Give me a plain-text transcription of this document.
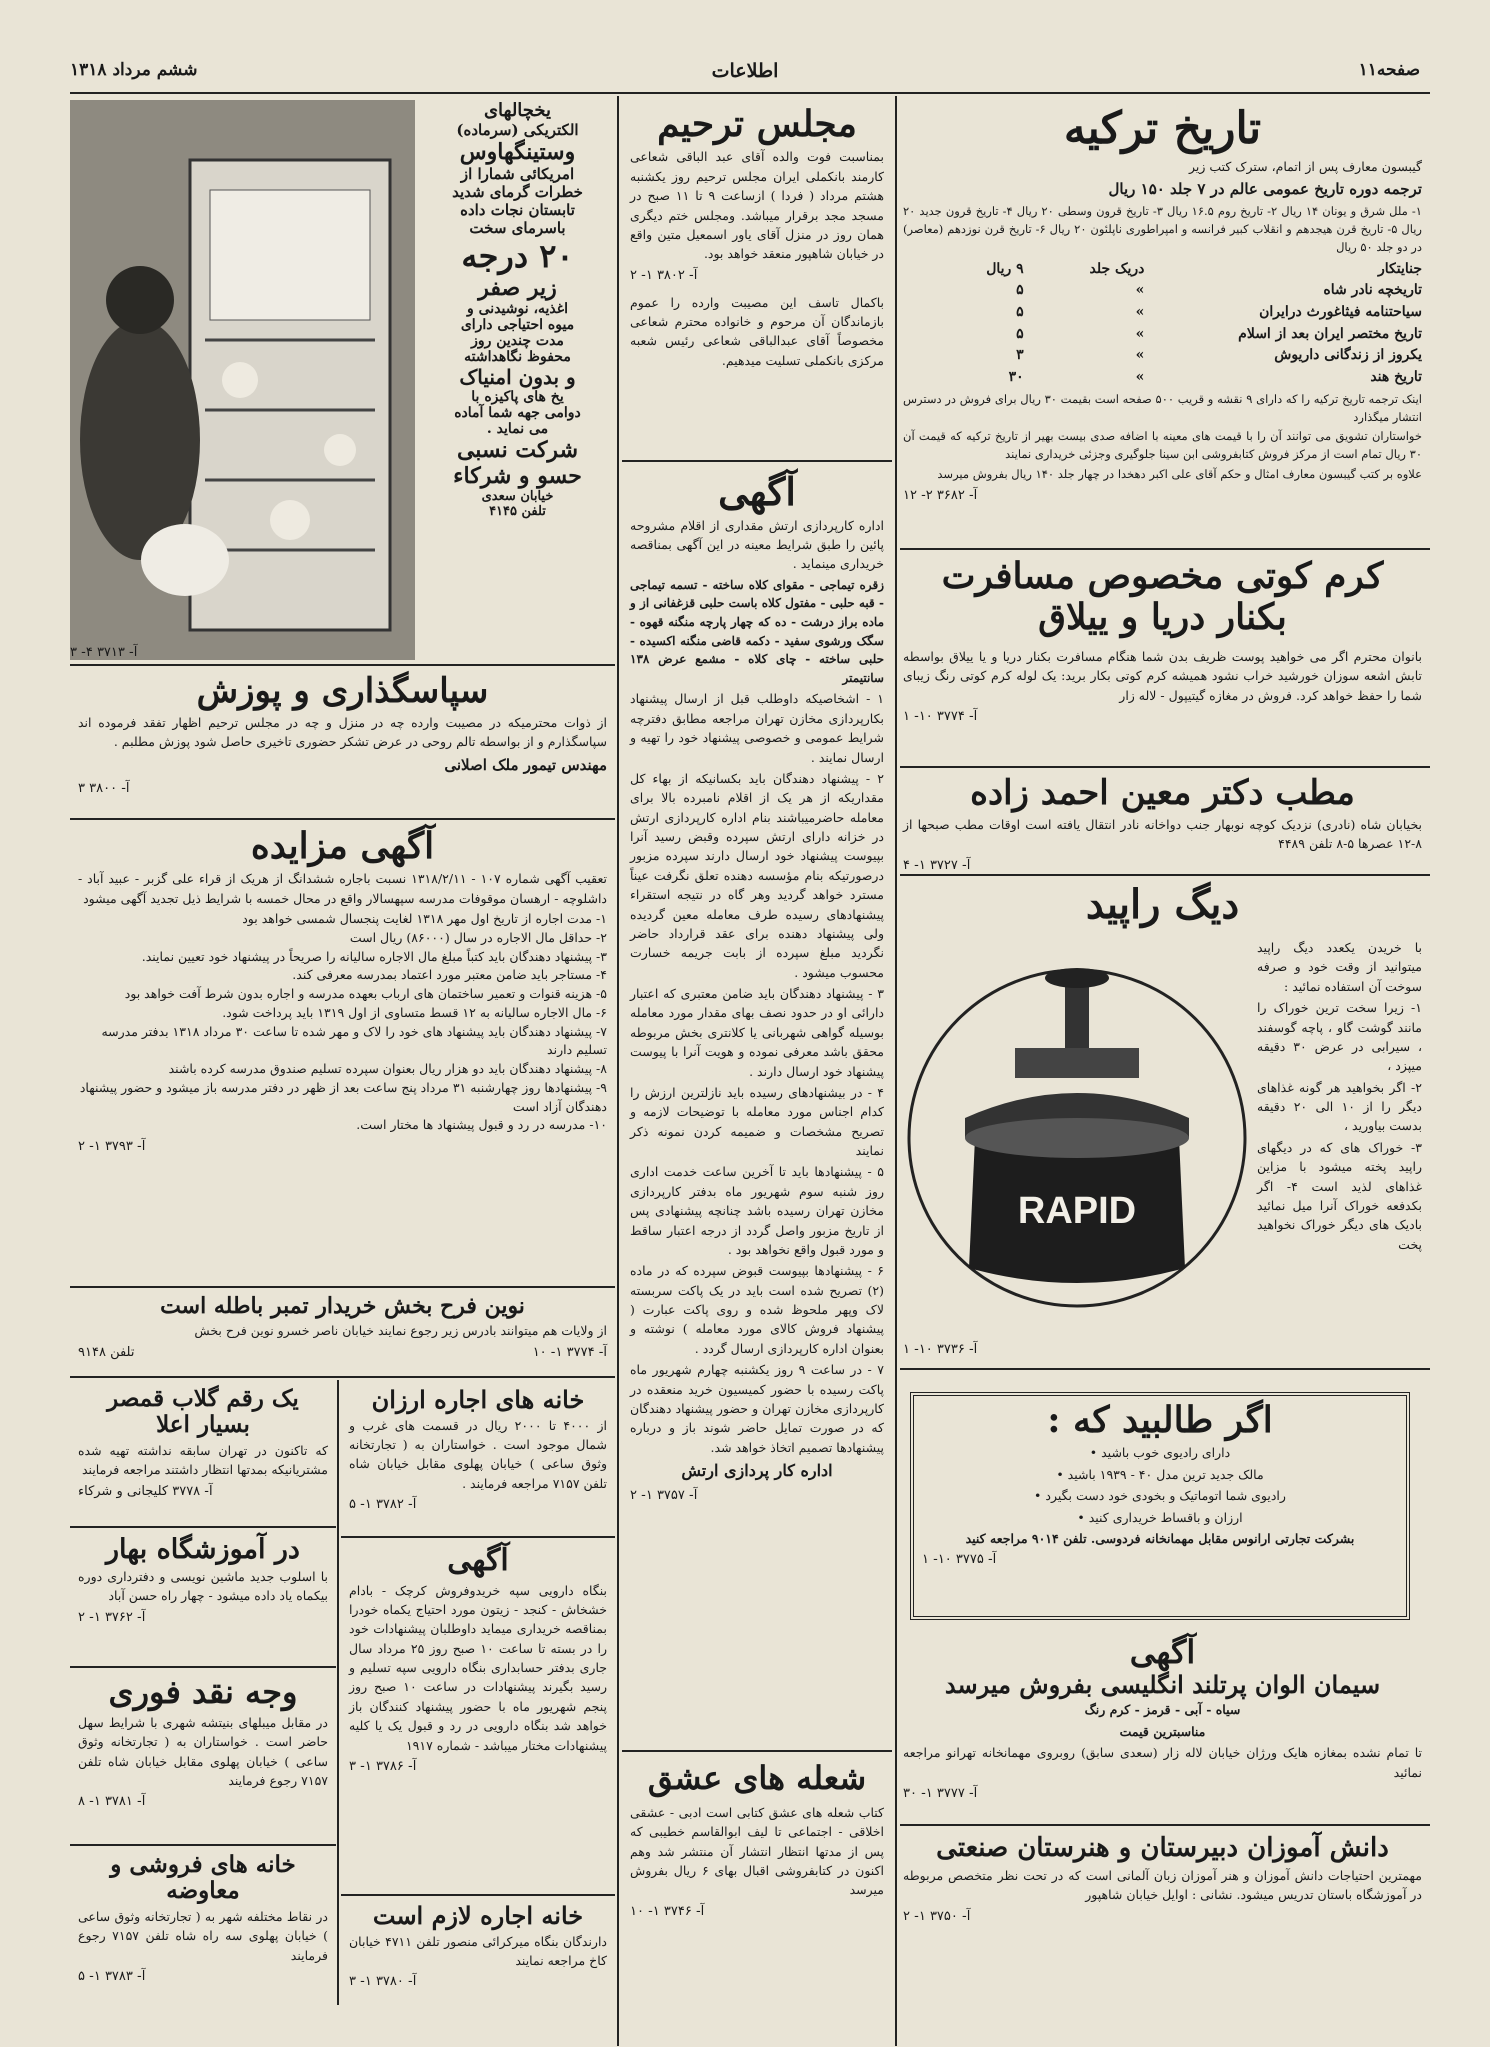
صفحه۱۱
اطلاعات
ششم مرداد ۱۳۱۸
تاریخ ترکیه
گیبسون معارف پس از اتمام، سترک کتب زیر
ترجمه دوره تاریخ عمومی عالم در ۷ جلد ۱۵۰ ریال
۱- ملل شرق و یونان ۱۴ ریال ۲- تاریخ روم ۱۶.۵ ریال ۳- تاریخ قرون وسطی ۲۰ ریال ۴- تاریخ قرون جدید ۲۰ ریال ۵- تاریخ قرن هیجدهم و انقلاب کبیر فرانسه و امپراطوری ناپلئون ۲۰ ریال ۶- تاریخ قرن نوزدهم (معاصر) در دو جلد ۵۰ ریال
جنایتکار
دریک جلد
۹ ریال
تاریخچه نادر شاه
»
۵
سیاحتنامه فیثاغورث درایران
»
۵
تاریخ مختصر ایران بعد از اسلام
»
۵
یکروز از زندگانی داریوش
»
۳
تاریخ هند
»
۳۰
اینک ترجمه تاریخ ترکیه را که دارای ۹ نقشه و قریب ۵۰۰ صفحه است بقیمت ۳۰ ریال برای فروش در دسترس انتشار میگذارد
خواستاران تشویق می توانند آن را با قیمت های معینه با اضافه صدی بیست بهیر از تاریخ ترکیه که قیمت آن ۳۰ ریال تمام است از مرکز فروش کتابفروشی ابن سینا جلوگیری وجزئی خریداری نمایند
علاوه بر کتب گیبسون معارف امثال و حکم آقای علی اکبر دهخدا در چهار جلد ۱۴۰ ریال بفروش میرسد
آ- ۳۶۸۲ ۲- ۱۲
کرم کوتی مخصوص مسافرت
بکنار دریا و ییلاق
بانوان محترم اگر می خواهید پوست ظریف بدن شما هنگام مسافرت بکنار دریا و یا ییلاق بواسطه تابش اشعه سوزان خورشید خراب نشود همیشه کرم کوتی بکار برید: یک لوله کرم کوتی رنگ زیبای شما را حفظ خواهد کرد. فروش در مغازه گیتیپول - لاله زار
آ- ۳۷۷۴ ۱۰- ۱
مطب دکتر معین احمد زاده
بخیابان شاه (نادری) نزدیک کوچه نوبهار جنب دواخانه نادر انتقال یافته است اوقات مطب صبحها از ۸-۱۲ عصرها ۵-۸ تلفن ۴۴۸۹
آ- ۳۷۲۷ ۱- ۴
دیگ راپید
با خریدن یکعدد دیگ راپید میتوانید از وقت خود و صرفه سوخت آن استفاده نمائید :
۱- زیرا سخت ترین خوراک را مانند گوشت گاو ، پاچه گوسفند ، سیرابی در عرض ۳۰ دقیقه میپزد ،
۲- اگر بخواهید هر گونه غذاهای دیگر را از ۱۰ الی ۲۰ دقیقه بدست بیاورید ،
۳- خوراک های که در دیگهای راپید پخته میشود با مزاین غذاهای لذید است ۴- اگر بکدفعه خوراک آنرا میل نمائید بادیک های دیگر خوراک نخواهید پخت
RAPID
آ- ۳۷۳۶ ۱۰- ۱
اگر طالبید که :
دارای رادیوی خوب باشید •
مالک جدید ترین مدل ۴۰ - ۱۹۳۹ باشید •
رادیوی شما اتوماتیک و بخودی خود دست بگیرد •
ارزان و باقساط خریداری کنید •
بشرکت تجارتی ارانوس مقابل مهمانخانه فردوسی. تلفن ۹۰۱۴ مراجعه کنید
آ- ۳۷۷۵ ۱۰- ۱
آگهی
سیمان الوان پرتلند انگلیسی بفروش میرسد
سیاه - آبی - قرمز - کرم رنگ
مناسبترین قیمت
تا تمام نشده بمغازه هایک ورژان خیابان لاله زار (سعدی سابق) روبروی مهمانخانه تهرانو مراجعه نمائید
آ- ۳۷۷۷ ۱- ۳۰
دانش آموزان دبیرستان و هنرستان صنعتی
مهمترین احتیاجات دانش آموزان و هنر آموزان زبان آلمانی است که در تحت نظر متخصص مربوطه در آموزشگاه باستان تدریس میشود. نشانی : اوایل خیابان شاهپور
آ- ۳۷۵۰ ۱- ۲
مجلس ترحیم
بمناسبت فوت والده آقای عبد الباقی شعاعی کارمند بانکملی ایران مجلس ترحیم روز یکشنبه هشتم مرداد ( فردا ) ازساعت ۹ تا ۱۱ صبح در مسجد مجد برقرار میباشد. ومجلس ختم دیگری همان روز در منزل آقای یاور اسمعیل متین واقع در خیابان شاهپور منعقد خواهد بود.
آ- ۳۸۰۲ ۱- ۲
باکمال تاسف این مصیبت وارده را عموم بازماندگان آن مرحوم و خانواده محترم شعاعی مخصوصاً آقای عبدالباقی شعاعی رئیس شعبه مرکزی بانکملی تسلیت میدهیم.
آگهی
اداره کارپردازی ارتش مقداری از اقلام مشروحه پائین را طبق شرایط معینه در این آگهی بمناقصه خریداری مینماید .
زقره تیماجی - مقوای کلاه ساخته - تسمه تیماجی - قبه حلبی - مفتول کلاه باست حلبی قزغفانی از و ماده براز درشت - ده که چهار پارچه منگنه قهوه - سگک ورشوی سفید - دکمه قاضی منگنه اکسیده - حلبی ساخته - چای کلاه - مشمع عرض ۱۳۸ سانتیمتر
۱ - اشخاصیکه داوطلب قبل از ارسال پیشنهاد بکارپردازی مخازن تهران مراجعه مطابق دفترچه شرایط عمومی و خصوصی پیشنهاد خود را تهیه و ارسال نمایند .
۲ - پیشنهاد دهندگان باید بکسانیکه از بهاء کل مقداریکه از هر یک از اقلام نامبرده بالا برای معامله حاضرمیباشند بنام اداره کارپردازی ارتش در خزانه دارای ارتش سپرده وقبض رسید آنرا بپیوست پیشنهاد خود ارسال دارند سپرده مزبور درصورتیکه بنام مؤسسه دهنده تعلق نگرفت عیناً مسترد خواهد گردید وهر گاه در نتیجه استقراء پیشنهادهای رسیده طرف معامله معین گردیده ولی پیشنهاد دهنده برای عقد قرارداد حاضر نگردید مبلغ سپرده از بابت جریمه خسارت محسوب میشود .
۳ - پیشنهاد دهندگان باید ضامن معتبری که اعتبار دارائی او در حدود نصف بهای مقدار مورد معامله بوسیله گواهی شهربانی یا کلانتری بخش مربوطه محقق باشد معرفی نموده و هویت آنرا با پیوست پیشنهاد خود ارسال دارند .
۴ - در بیشنهادهای رسیده باید نازلترین ارزش را کدام اجناس مورد معامله با توضیحات لازمه و تصریح مشخصات و ضمیمه کردن نمونه ذکر نمایند
۵ - پیشنهادها باید تا آخرین ساعت خدمت اداری روز شنبه سوم شهریور ماه بدفتر کارپردازی مخازن تهران رسیده باشد چنانچه پیشنهادی پس از تاریخ مزبور واصل گردد از درجه اعتبار ساقط و مورد قبول واقع نخواهد بود .
۶ - پیشنهادها بپیوست قبوض سپرده که در ماده (۲) تصریح شده است باید در یک پاکت سربسته لاک وپهر ملحوظ شده و روی پاکت عبارت ( پیشنهاد فروش کالای مورد معامله ) نوشته و بعنوان اداره کارپردازی ارسال گردد .
۷ - در ساعت ۹ روز یکشنبه چهارم شهریور ماه پاکت رسیده با حضور کمیسیون خرید منعقده در کارپردازی مخازن تهران و حضور پیشنهاد دهندگان که در صورت تمایل حاضر شوند باز و درباره پیشنهادها تصمیم اتخاذ خواهد شد.
اداره کار پردازی ارتش
آ- ۳۷۵۷ ۱- ۲
شعله های عشق
کتاب شعله های عشق کتابی است ادبی - عشقی اخلاقی - اجتماعی تا لیف ابوالقاسم خطیبی که پس از مدتها انتظار انتشار آن منتشر شد وهم اکنون در کتابفروشی اقبال بهای ۶ ریال بفروش میرسد
آ- ۳۷۴۶ ۱- ۱۰
یخچالهای
الکتریکی (سرماده)
وستینگهاوس
امریکائی شمارا از
خطرات گرمای شدید
تابستان نجات داده
باسرمای سخت
۲۰ درجه
زیر صفر
اغذیه، نوشیدنی و
میوه احتیاجی دارای
مدت چندین روز
محفوظ نگاهداشته
و بدون امنیاک
یخ های پاکیزه با
دوامی جهه شما آماده
می نماید .
شرکت نسبی
حسو و شرکاء
خیابان سعدی
تلفن ۴۱۴۵
آ- ۳۷۱۳ ۴- ۳
سپاسگذاری و پوزش
از ذوات محترمیکه در مصیبت وارده چه در منزل و چه در مجلس ترحیم اظهار تفقد فرموده اند سپاسگذارم و از بواسطه تالم روحی در عرض تشکر حضوری تاخیری حاصل شود پوزش مطلبم .
مهندس تیمور ملک اصلانی
آ- ۳۸۰۰ ۳
آگهی مزایده
تعقیب آگهی شماره ۱۰۷ - ۱۳۱۸/۲/۱۱ نسبت باجاره ششدانگ از هریک از قراء علی گزبر - عبید آباد - داشلوچه - ارهسان موقوفات مدرسه سپهسالار واقع در محال خمسه با شرایط ذیل تجدید آگهی میشود
۱- مدت اجاره از تاریخ اول مهر ۱۳۱۸ لغایت پنجسال شمسی خواهد بود
۲- حداقل مال الاجاره در سال (۸۶۰۰۰) ریال است
۳- پیشنهاد دهندگان باید کتباً مبلغ مال الاجاره سالیانه را صریحاً در پیشنهاد خود تعیین نمایند.
۴- مستاجر باید ضامن معتبر مورد اعتماد بمدرسه معرفی کند.
۵- هزینه قنوات و تعمیر ساختمان های ارباب بعهده مدرسه و اجاره بدون شرط آفت خواهد بود
۶- مال الاجاره سالیانه به ۱۲ قسط متساوی از اول ۱۳۱۹ باید پرداخت شود.
۷- پیشنهاد دهندگان باید پیشنهاد های خود را لاک و مهر شده تا ساعت ۳۰ مرداد ۱۳۱۸ بدفتر مدرسه تسلیم دارند
۸- پیشنهاد دهندگان باید دو هزار ریال بعنوان سپرده تسلیم صندوق مدرسه کرده باشند
۹- پیشنهادها روز چهارشنبه ۳۱ مرداد پنج ساعت بعد از ظهر در دفتر مدرسه باز میشود و حضور پیشنهاد دهندگان آزاد است
۱۰- مدرسه در رد و قبول پیشنهاد ها مختار است.
آ- ۳۷۹۳ ۱- ۲
نوین فرح بخش خریدار تمبر باطله است
از ولایات هم میتوانند بادرس زیر رجوع نمایند خیابان ناصر خسرو نوین فرح بخش
تلفن ۹۱۴۸	آ- ۳۷۷۴ ۱- ۱۰
خانه های اجاره ارزان
از ۴۰۰۰ تا ۲۰۰۰ ریال در قسمت های غرب و شمال موجود است . خواستاران به ( تجارتخانه وثوق ساعی ) خیابان پهلوی مقابل خیابان شاه تلفن ۷۱۵۷ مراجعه فرمایند .
آ- ۳۷۸۲ ۱- ۵
آگهی
بنگاه دارویی سپه خریدوفروش کرچک - بادام خشخاش - کنجد - زیتون مورد احتیاج یکماه خودرا بمناقصه خریداری میماید داوطلبان پیشنهادات خود را در بسته تا ساعت ۱۰ صبح روز ۲۵ مرداد سال جاری بدفتر حسابداری بنگاه دارویی سپه تسلیم و رسید بگیرند پیشنهادات در ساعت ۱۰ صبح روز پنجم شهریور ماه با حضور پیشنهاد کنندگان باز خواهد شد بنگاه دارویی در رد و قبول یک یا کلیه پیشنهادات مختار میباشد - شماره ۱۹۱۷
آ- ۳۷۸۶ ۱- ۳
خانه اجاره لازم است
دارندگان بنگاه میرکرائی منصور تلفن ۴۷۱۱ خیابان کاخ مراجعه نمایند
آ- ۳۷۸۰ ۱- ۳
یک رقم گلاب قمصر
بسیار اعلا
که تاکنون در تهران سابقه نداشته تهیه شده مشتریانیکه بمدتها انتظار داشتند مراجعه فرمایند
آ- ۳۷۷۸ کلیجانی و شرکاء
در آموزشگاه بهار
با اسلوب جدید ماشین نویسی و دفترداری دوره بیکماه یاد داده میشود - چهار راه حسن آباد
آ- ۳۷۶۲ ۱- ۲
وجه نقد فوری
در مقابل میبلهای بنیتشه شهری با شرایط سهل حاضر است . خواستاران به ( تجارتخانه وثوق ساعی ) خیابان پهلوی مقابل خیابان شاه تلفن ۷۱۵۷ رجوع فرمایند
آ- ۳۷۸۱ ۱- ۸
خانه های فروشی و معاوضه
در نقاط مختلفه شهر به ( تجارتخانه وثوق ساعی ) خیابان پهلوی سه راه شاه تلفن ۷۱۵۷ رجوع فرمایند
آ- ۳۷۸۳ ۱- ۵
